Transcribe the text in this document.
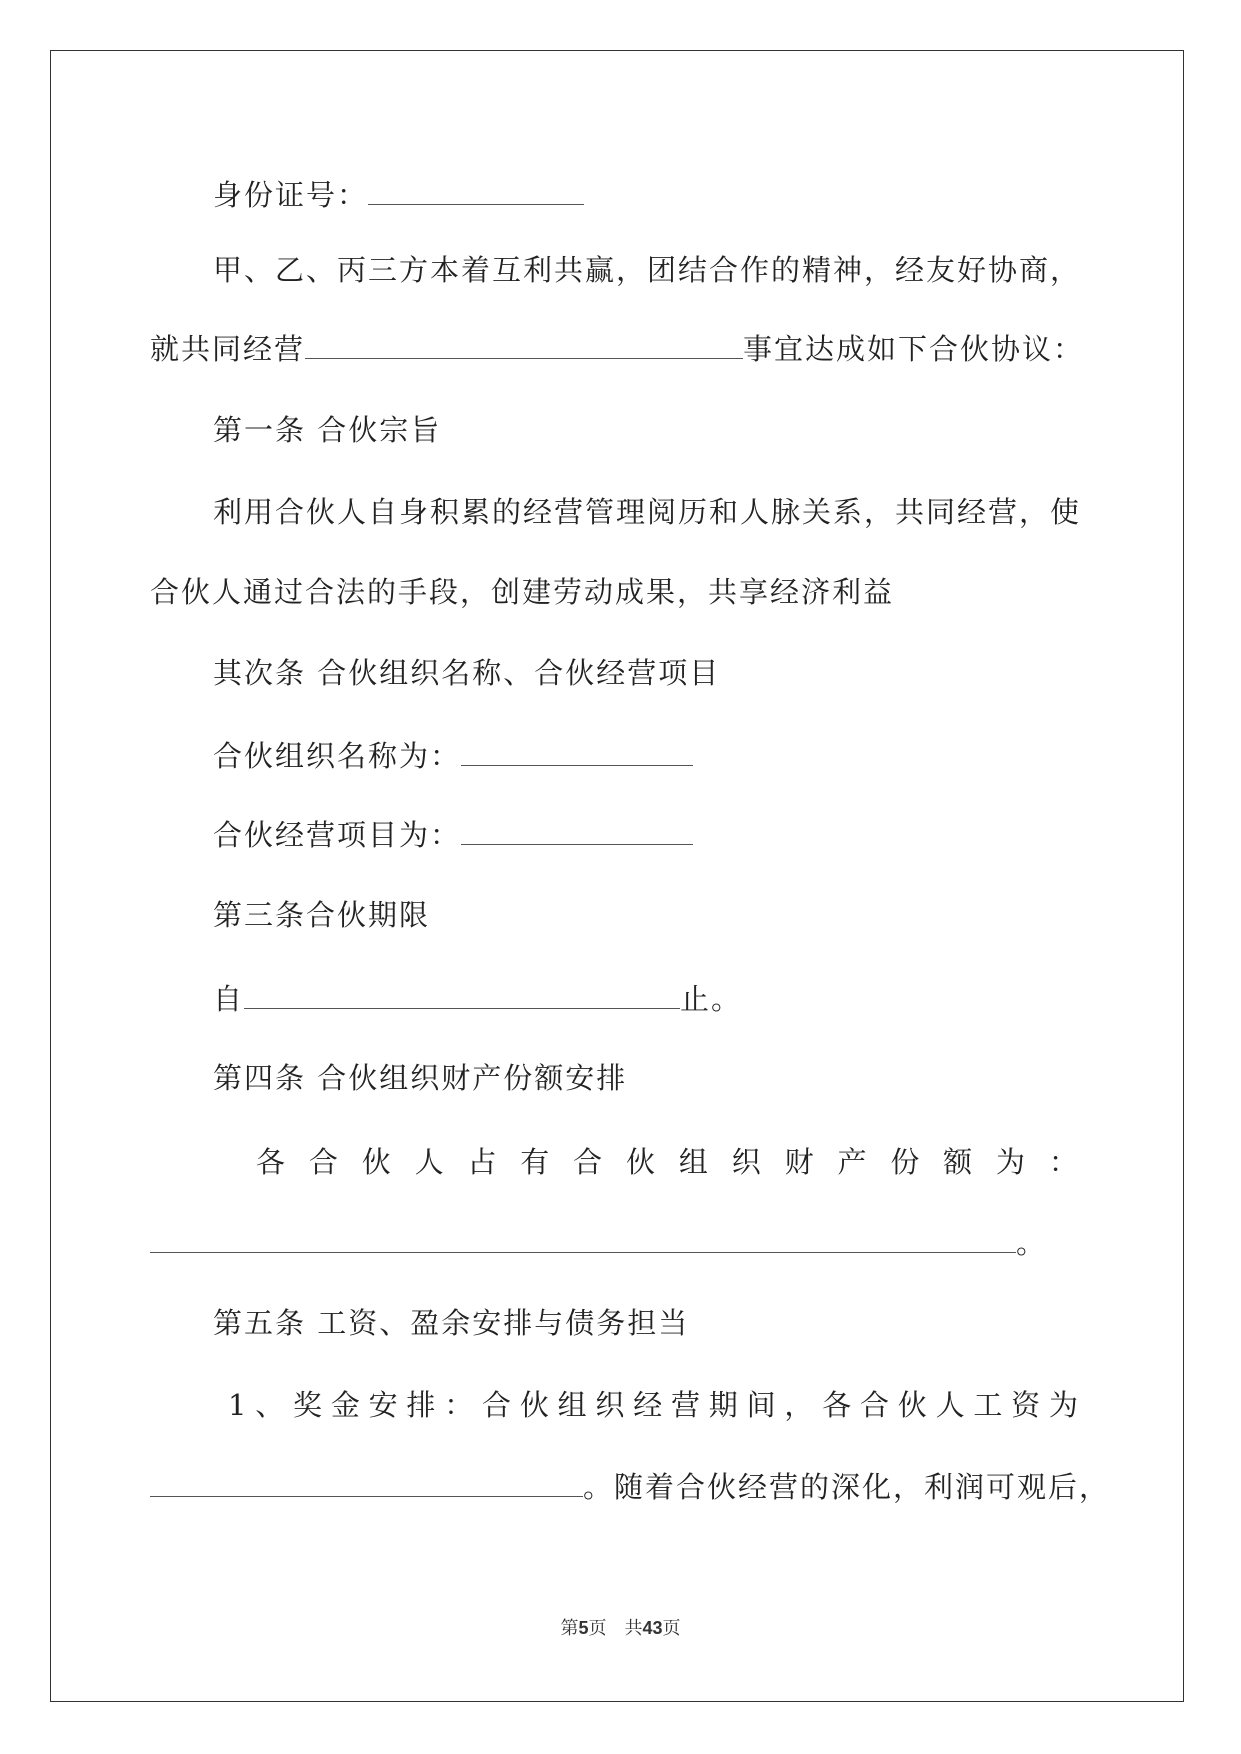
身份证号：
甲、乙、丙三方本着互利共赢，团结合作的精神，经友好协商，
就共同经营	事宜达成如下合伙协议：
第一条 合伙宗旨
利用合伙人自身积累的经营管理阅历和人脉关系，共同经营，使
合伙人通过合法的手段，创建劳动成果，共享经济利益
其次条 合伙组织名称、合伙经营项目
合伙组织名称为：
合伙经营项目为：
第三条合伙期限
自	止。
第四条 合伙组织财产份额安排
各 合 伙 人 占 有 合 伙 组 织 财 产 份 额 为 ：
。
第五条 工资、盈余安排与债务担当
1 、 奖 金 安 排 ： 合 伙 组 织 经 营 期 间 ， 各 合 伙 人 工 资 为
。随着合伙经营的深化，利润可观后，
第5页　共43页
